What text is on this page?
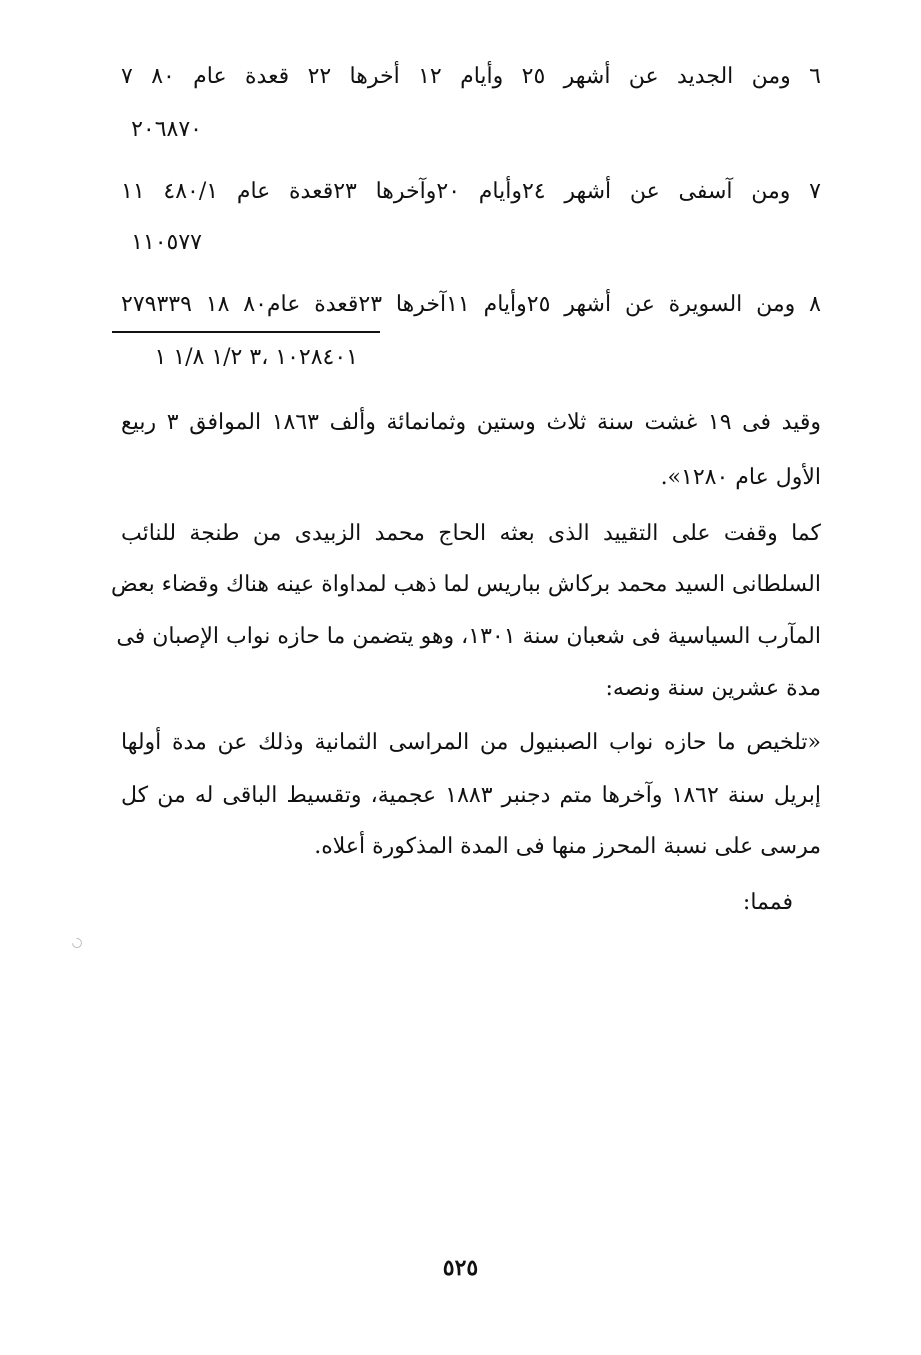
٦ ومن الجديد عن أشهر ٢٥ وأيام ١٢ أخرها ٢٢ قعدة عام ٨٠ ٧
٢٠٦٨٧٠
٧ ومن آسفى عن أشهر ٢٤وأيام ٢٠وآخرها ٢٣قعدة عام ٤٨٠/١ ١١
١١٠٥٧٧
٨ ومن السويرة عن أشهر ٢٥وأيام ١١آخرها ٢٣قعدة عام٨٠ ١٨ ٢٧٩٣٣٩
١٠٢٨٤٠١ ،٣ ١/٢ ١/٨ ١
وقيد فى ١٩ غشت سنة ثلاث وستين وثمانمائة وألف ١٨٦٣ الموافق ٣ ربيع
الأول عام ١٢٨٠».
كما وقفت على التقييد الذى بعثه الحاج محمد الزبيدى من طنجة للنائب
السلطانى السيد محمد بركاش بباريس لما ذهب لمداواة عينه هناك وقضاء بعض
المآرب السياسية فى شعبان سنة ١٣٠١، وهو يتضمن ما حازه نواب الإصبان فى
مدة عشرين سنة ونصه:
«تلخيص ما حازه نواب الصبنيول من المراسى الثمانية وذلك عن مدة أولها
إبريل سنة ١٨٦٢ وآخرها متم دجنبر ١٨٨٣ عجمية، وتقسيط الباقى له من كل
مرسى على نسبة المحرز منها فى المدة المذكورة أعلاه.
فمما:
٥٢٥
